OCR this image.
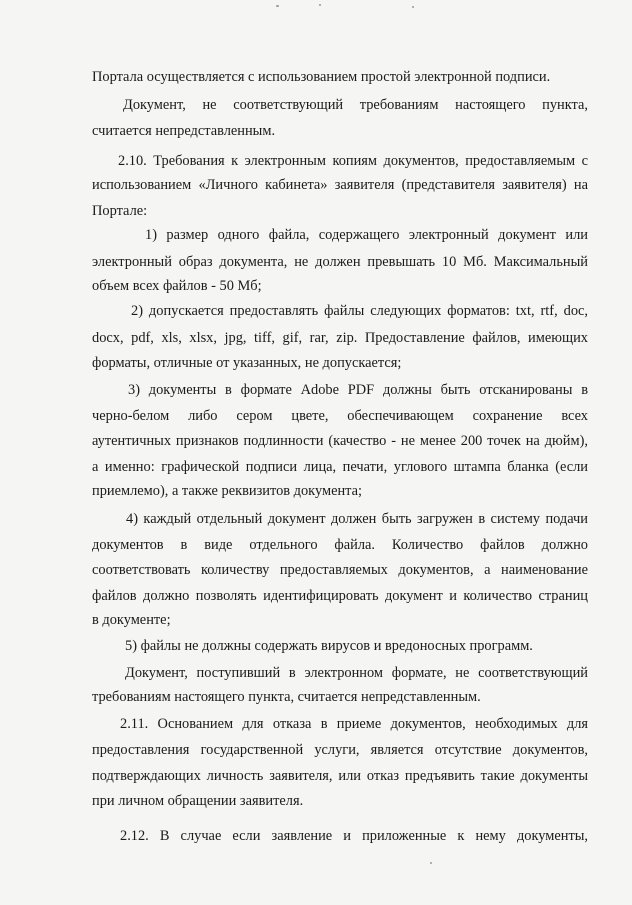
Портала осуществляется с использованием простой электронной подписи.

Документ, не соответствующий требованиям настоящего пункта,

считается непредставленным.

2.10. Требования к электронным копиям документов, предоставляемым с

использованием «Личного кабинета» заявителя (представителя заявителя) на

Портале:

1) размер одного файла, содержащего электронный документ или

электронный образ документа, не должен превышать 10 Мб. Максимальный

объем всех файлов - 50 Мб;

2) допускается предоставлять файлы следующих форматов: txt, rtf, doc,

docx, pdf, xls, xlsx, jpg, tiff, gif, rar, zip. Предоставление файлов, имеющих

форматы, отличные от указанных, не допускается;

3) документы в формате Adobe PDF должны быть отсканированы в

черно-белом либо сером цвете, обеспечивающем сохранение всех

аутентичных признаков подлинности (качество - не менее 200 точек на дюйм),

а именно: графической подписи лица, печати, углового штампа бланка (если

приемлемо), а также реквизитов документа;

4) каждый отдельный документ должен быть загружен в систему подачи

документов в виде отдельного файла. Количество файлов должно

соответствовать количеству предоставляемых документов, а наименование

файлов должно позволять идентифицировать документ и количество страниц

в документе;

5) файлы не должны содержать вирусов и вредоносных программ.

Документ, поступивший в электронном формате, не соответствующий

требованиям настоящего пункта, считается непредставленным.

2.11. Основанием для отказа в приеме документов, необходимых для

предоставления государственной услуги, является отсутствие документов,

подтверждающих личность заявителя, или отказ предъявить такие документы

при личном обращении заявителя.

2.12. В случае если заявление и приложенные к нему документы,
